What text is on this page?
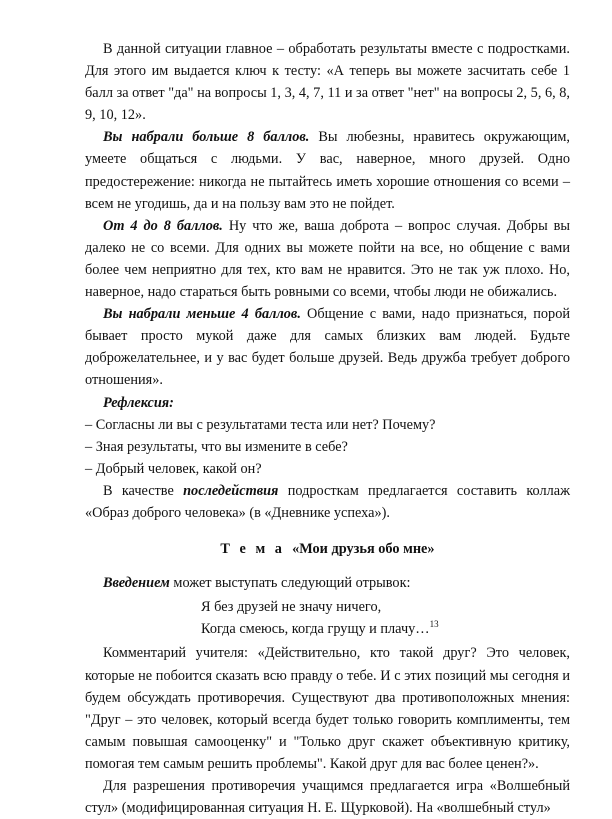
В данной ситуации главное – обработать результаты вместе с подростками. Для этого им выдается ключ к тесту: «А теперь вы можете засчитать себе 1 балл за ответ "да" на вопросы 1, 3, 4, 7, 11 и за ответ "нет" на вопросы 2, 5, 6, 8, 9, 10, 12».

Вы набрали больше 8 баллов. Вы любезны, нравитесь окружающим, умеете общаться с людьми. У вас, наверное, много друзей. Одно предостережение: никогда не пытайтесь иметь хорошие отношения со всеми – всем не угодишь, да и на пользу вам это не пойдет.

От 4 до 8 баллов. Ну что же, ваша доброта – вопрос случая. Добры вы далеко не со всеми. Для одних вы можете пойти на все, но общение с вами более чем неприятно для тех, кто вам не нравится. Это не так уж плохо. Но, наверное, надо стараться быть ровными со всеми, чтобы люди не обижались.

Вы набрали меньше 4 баллов. Общение с вами, надо признаться, порой бывает просто мукой даже для самых близких вам людей. Будьте доброжелательнее, и у вас будет больше друзей. Ведь дружба требует доброго отношения».

Рефлексия:

– Согласны ли вы с результатами теста или нет? Почему?

– Зная результаты, что вы измените в себе?

– Добрый человек, какой он?

В качестве последействия подросткам предлагается составить коллаж «Образ доброго человека» (в «Дневнике успеха»).

Т е м а «Мои друзья обо мне»

Введением может выступать следующий отрывок:

Я без друзей не значу ничего,

Когда смеюсь, когда грущу и плачу…$^{13}$

Комментарий учителя: «Действительно, кто такой друг? Это человек, которые не побоится сказать всю правду о тебе. И с этих позиций мы сегодня и будем обсуждать противоречия. Существуют два противоположных мнения: "Друг – это человек, который всегда будет только говорить комплименты, тем самым повышая самооценку" и "Только друг скажет объективную критику, помогая тем самым решить проблемы". Какой друг для вас более ценен?».

Для разрешения противоречия учащимся предлагается игра «Волшебный стул» (модифицированная ситуация Н. Е. Щурковой). На «волшебный стул»
